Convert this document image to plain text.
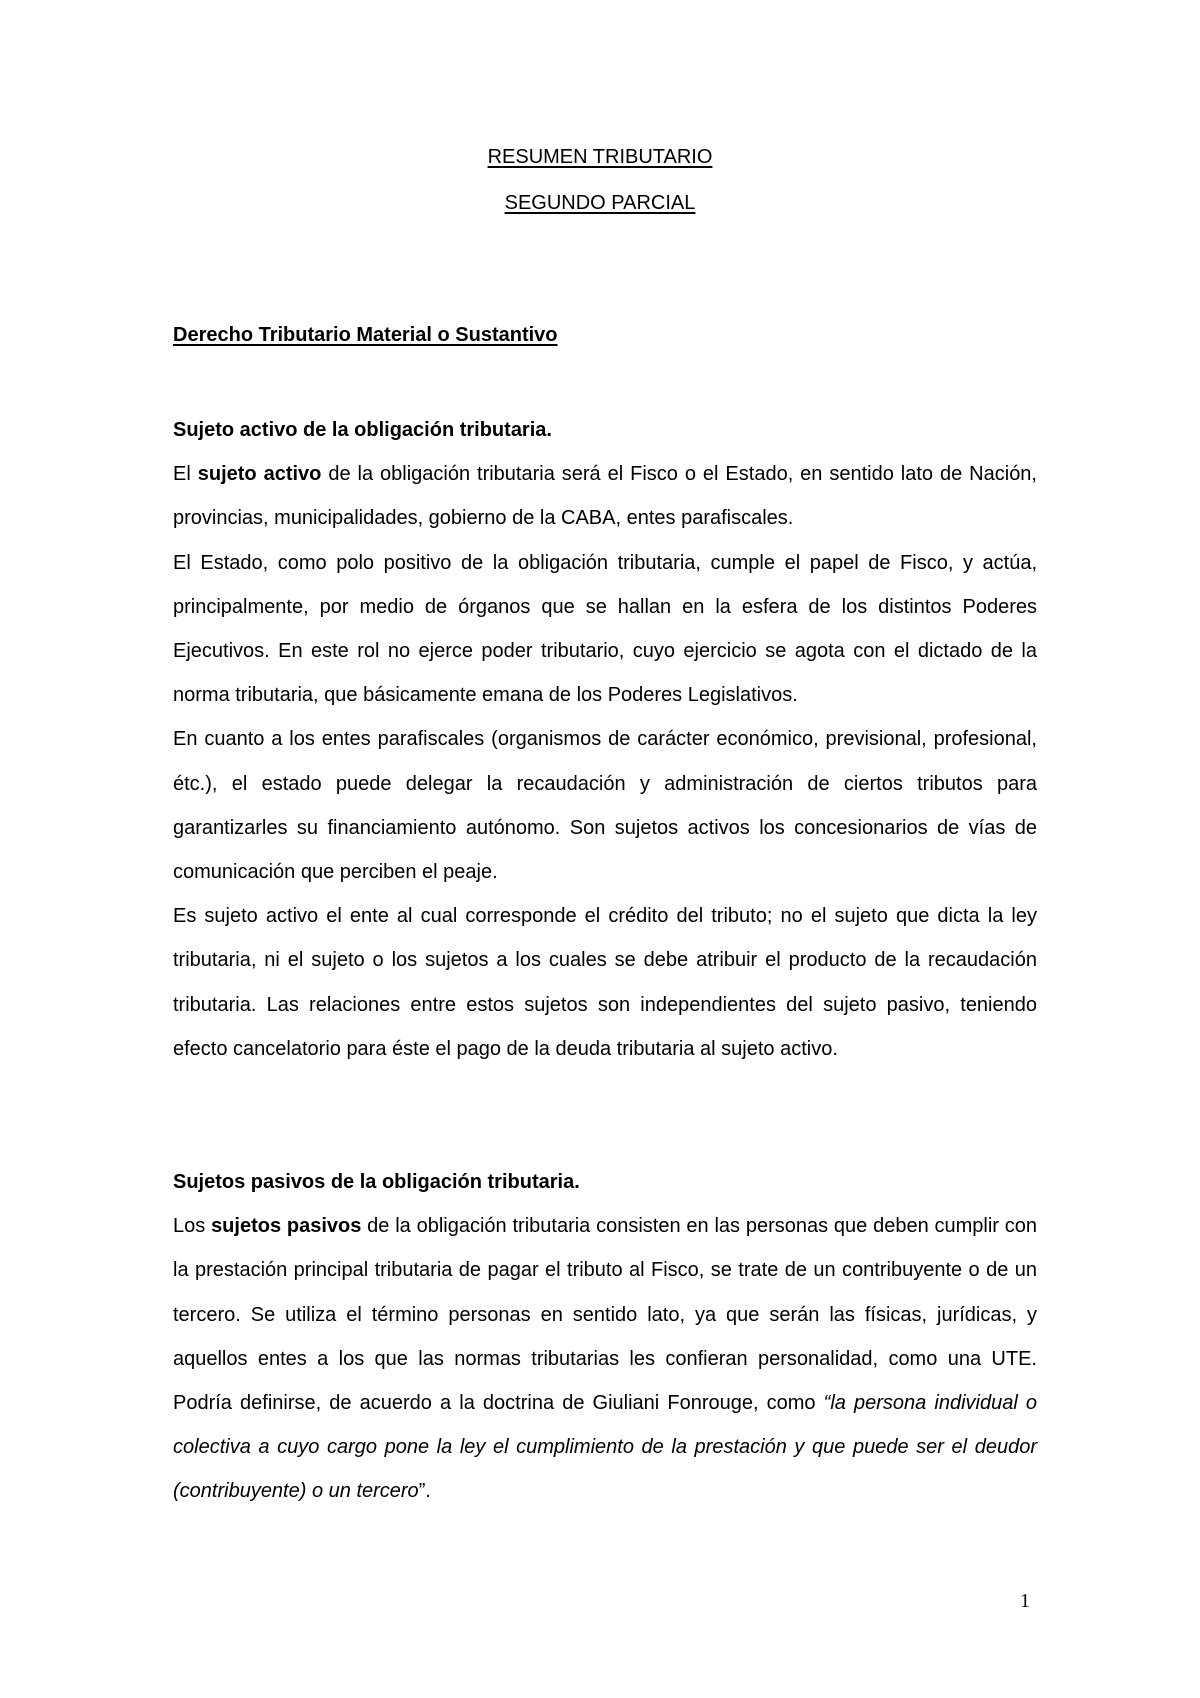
RESUMEN TRIBUTARIO
SEGUNDO PARCIAL
Derecho Tributario Material o Sustantivo

Sujeto activo de la obligación tributaria.

El sujeto activo de la obligación tributaria será el Fisco o el Estado, en sentido lato de Nación, provincias, municipalidades, gobierno de la CABA, entes parafiscales.

El Estado, como polo positivo de la obligación tributaria, cumple el papel de Fisco, y actúa, principalmente, por medio de órganos que se hallan en la esfera de los distintos Poderes Ejecutivos. En este rol no ejerce poder tributario, cuyo ejercicio se agota con el dictado de la norma tributaria, que básicamente emana de los Poderes Legislativos.

En cuanto a los entes parafiscales (organismos de carácter económico, previsional, profesional, étc.), el estado puede delegar la recaudación y administración de ciertos tributos para garantizarles su financiamiento autónomo. Son sujetos activos los concesionarios de vías de comunicación que perciben el peaje.

Es sujeto activo el ente al cual corresponde el crédito del tributo; no el sujeto que dicta la ley tributaria, ni el sujeto o los sujetos a los cuales se debe atribuir el producto de la recaudación tributaria. Las relaciones entre estos sujetos son independientes del sujeto pasivo, teniendo efecto cancelatorio para éste el pago de la deuda tributaria al sujeto activo.

Sujetos pasivos de la obligación tributaria.

Los sujetos pasivos de la obligación tributaria consisten en las personas que deben cumplir con la prestación principal tributaria de pagar el tributo al Fisco, se trate de un contribuyente o de un tercero. Se utiliza el término personas en sentido lato, ya que serán las físicas, jurídicas, y aquellos entes a los que las normas tributarias les confieran personalidad, como una UTE. Podría definirse, de acuerdo a la doctrina de Giuliani Fonrouge, como “la persona individual o colectiva a cuyo cargo pone la ley el cumplimiento de la prestación y que puede ser el deudor (contribuyente) o un tercero”.

1
